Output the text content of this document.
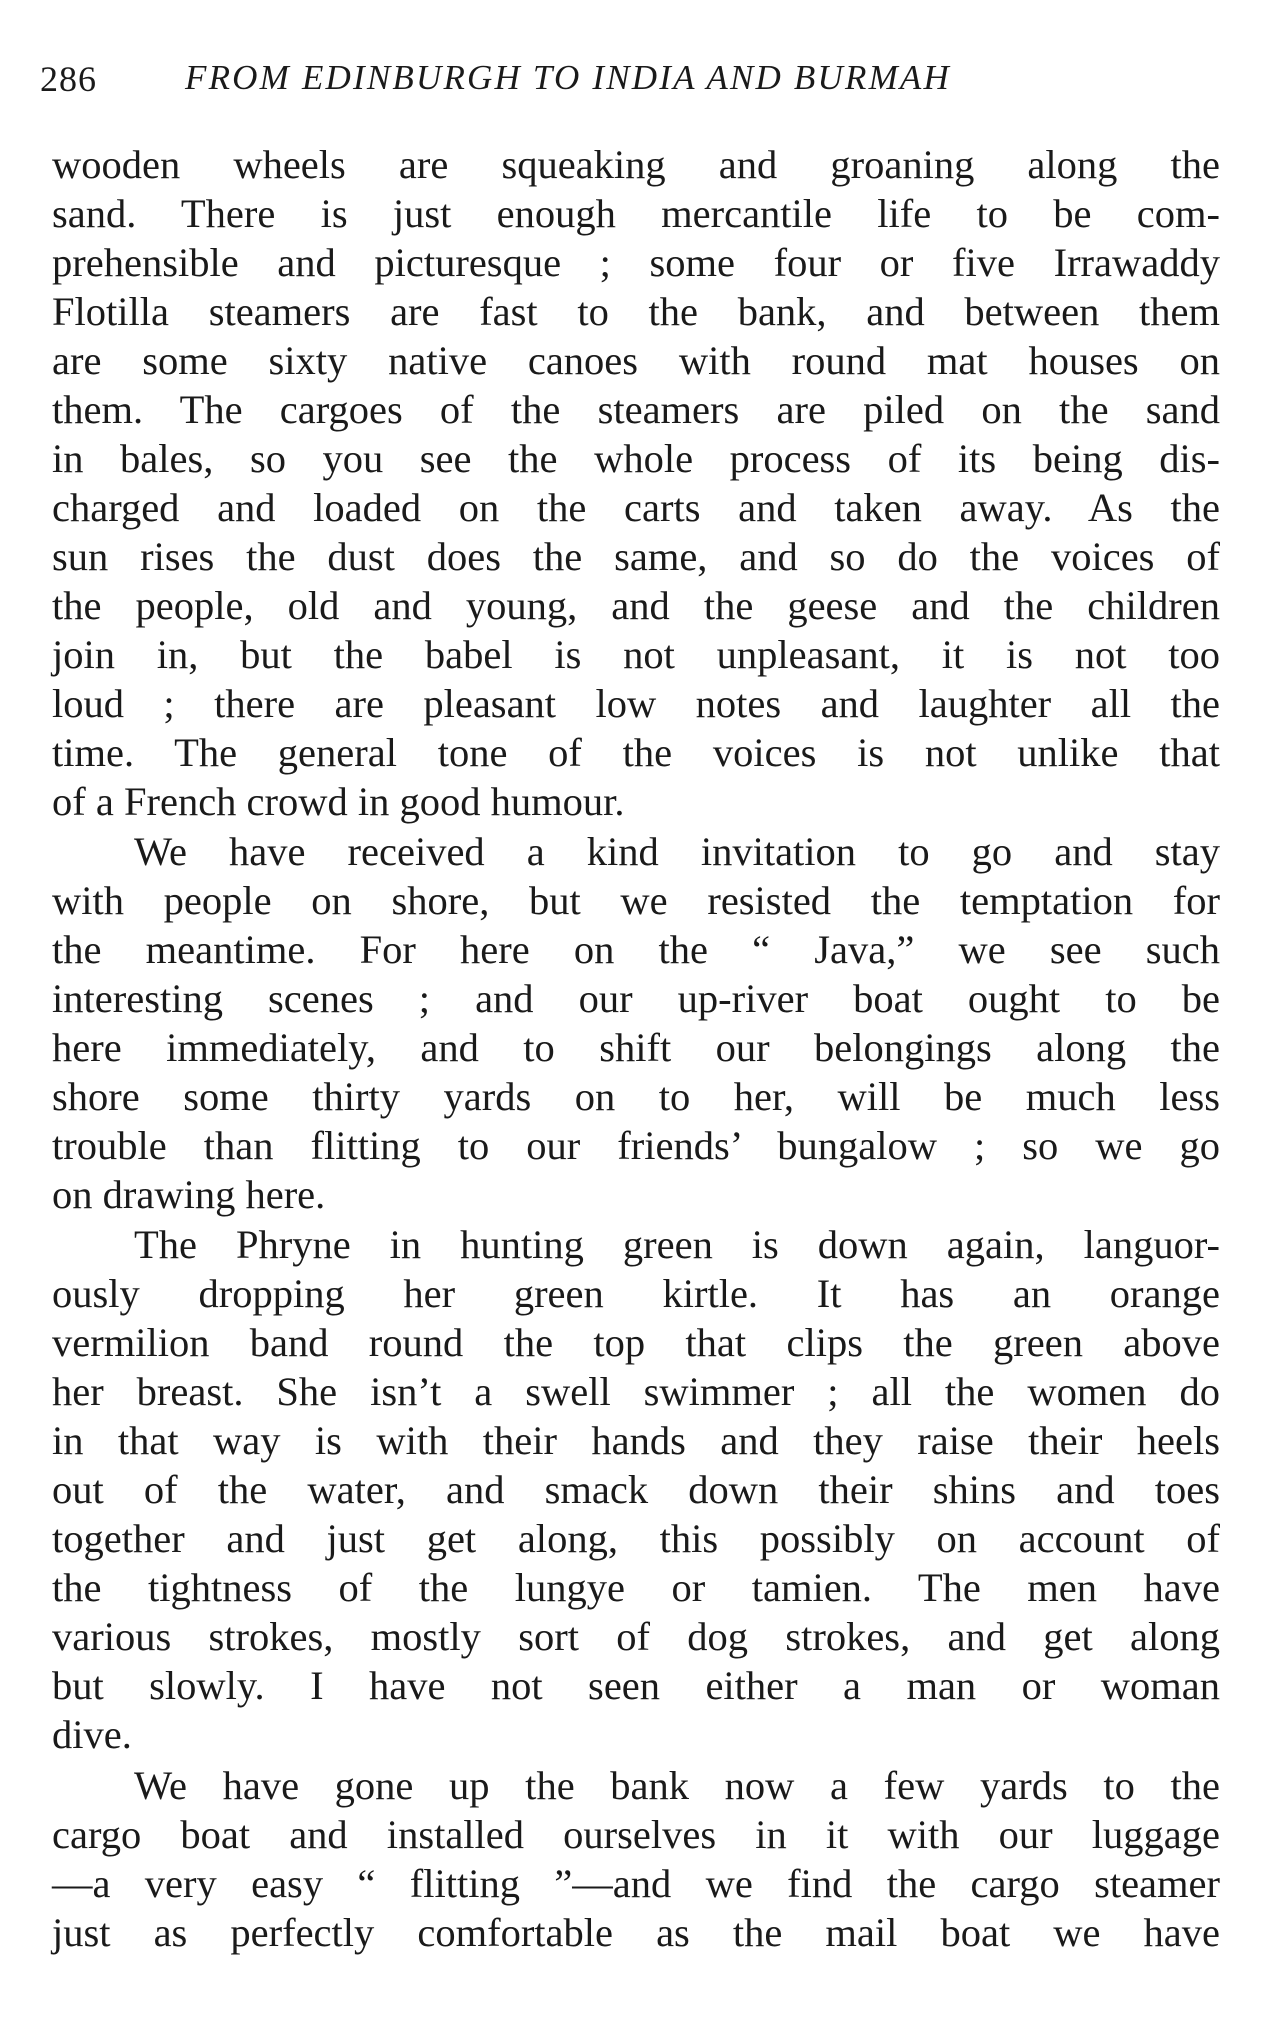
286	FROM EDINBURGH TO INDIA AND BURMAH
wooden wheels are squeaking and groaning along the
sand. There is just enough mercantile life to be com-
prehensible and picturesque ; some four or five Irrawaddy
Flotilla steamers are fast to the bank, and between them
are some sixty native canoes with round mat houses on
them. The cargoes of the steamers are piled on the sand
in bales, so you see the whole process of its being dis-
charged and loaded on the carts and taken away. As the
sun rises the dust does the same, and so do the voices of
the people, old and young, and the geese and the children
join in, but the babel is not unpleasant, it is not too
loud ; there are pleasant low notes and laughter all the
time. The general tone of the voices is not unlike that
of a French crowd in good humour.
We have received a kind invitation to go and stay
with people on shore, but we resisted the temptation for
the meantime. For here on the “ Java,” we see such
interesting scenes ; and our up-river boat ought to be
here immediately, and to shift our belongings along the
shore some thirty yards on to her, will be much less
trouble than flitting to our friends’ bungalow ; so we go
on drawing here.
The Phryne in hunting green is down again, languor-
ously dropping her green kirtle. It has an orange
vermilion band round the top that clips the green above
her breast. She isn’t a swell swimmer ; all the women do
in that way is with their hands and they raise their heels
out of the water, and smack down their shins and toes
together and just get along, this possibly on account of
the tightness of the lungye or tamien. The men have
various strokes, mostly sort of dog strokes, and get along
but slowly. I have not seen either a man or woman
dive.
We have gone up the bank now a few yards to the
cargo boat and installed ourselves in it with our luggage
—a very easy “ flitting ”—and we find the cargo steamer
just as perfectly comfortable as the mail boat we have
